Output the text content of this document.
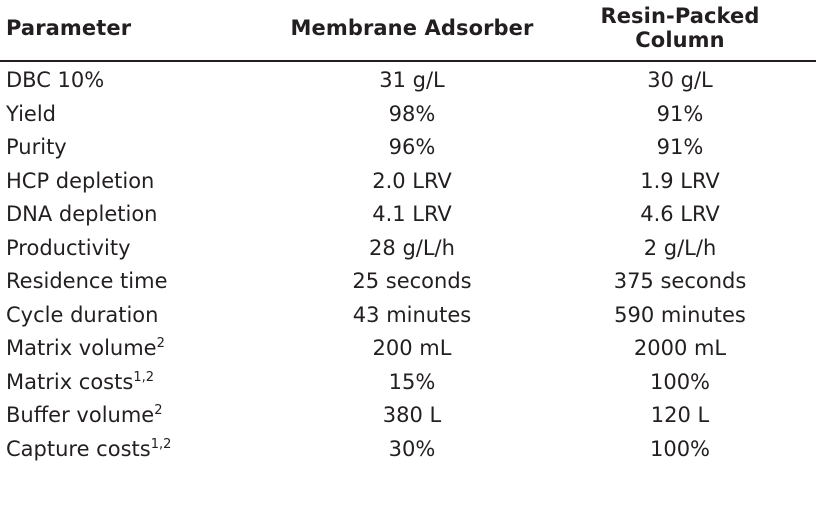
Parameter	Membrane Adsorber	Resin-Packed Column
DBC 10%	31 g/L	30 g/L
Yield	98%	91%
Purity	96%	91%
HCP depletion	2.0 LRV	1.9 LRV
DNA depletion	4.1 LRV	4.6 LRV
Productivity	28 g/L/h	2 g/L/h
Residence time	25 seconds	375 seconds
Cycle duration	43 minutes	590 minutes
Matrix volume$^2$	200 mL	2000 mL
Matrix costs$^{1,2}$	15%	100%
Buffer volume$^2$	380 L	120 L
Capture costs$^{1,2}$	30%	100%
